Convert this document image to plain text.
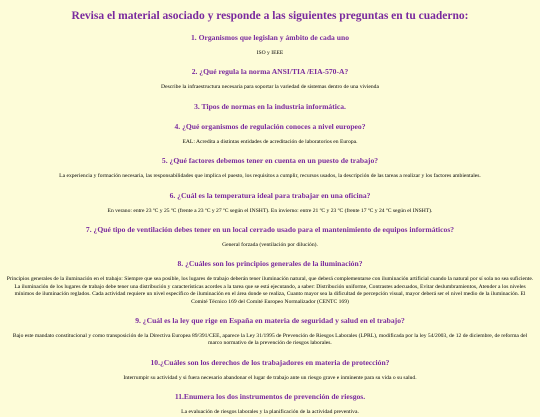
Revisa el material asociado y responde a las siguientes preguntas en tu cuaderno:
1. Organismos que legislan y ámbito de cada uno
ISO y IEEE
2. ¿Qué regula la norma ANSI/TIA /EIA-570-A?
Describe la infraestructura necesaria para soportar la variedad de sistemas dentro de una vivienda
3. Tipos de normas en la industria informática.
4. ¿Qué organismos de regulación conoces a nivel europeo?
EAL: Acredita a distintas entidades de acreditación de laboratorios en Europa.
5. ¿Qué factores debemos tener en cuenta en un puesto de trabajo?
La experiencia y formación necesaria, las responsabilidades que implica el puesto, los requisitos a cumplir, recursos usados, la descripción de las tareas a realizar y los factores ambientales.
6. ¿Cuál es la temperatura ideal para trabajar en una oficina?
En verano: entre 23 ºC y 25 ºC (frente a 23 ºC y 27 ºC según el INSHT). En invierno: entre 21 ºC y 23 ºC (frente 17 ºC y 24 ºC según el INSHT).
7. ¿Qué tipo de ventilación debes tener en un local cerrado usado para el mantenimiento de equipos informáticos?
General forzada (ventilación por dilución).
8. ¿Cuáles son los principios generales de la iluminación?
Principios generales de la iluminación en el trabajo: Siempre que sea posible, los lugares de trabajo deberán tener iluminación natural, que deberá complementarse con iluminación artificial cuando la natural por sí sola no sea suficiente. La iluminación de los lugares de trabajo debe tener una distribución y características acordes a la tarea que se está ejecutando, a saber: Distribución uniforme, Contrastes adecuados, Evitar deslumbramientos, Atender a los niveles mínimos de iluminación reglados. Cada actividad requiere un nivel específico de iluminación en el área donde se realiza, Cuanto mayor sea la dificultad de percepción visual, mayor deberá ser el nivel medio de la iluminación. El Comité Técnico 169 del Comité Europeo Normalizador (CENTC 169)
9. ¿Cuál es la ley que rige en España en materia de seguridad y salud en el trabajo?
Bajo este mandato constitucional y como transposición de la Directiva Europea 89/391/CEE, aparece la Ley 31/1995 de Prevención de Riesgos Laborales (LPRL), modificada por la ley 54/2003, de 12 de diciembre, de reforma del marco normativo de la prevención de riesgos laborales.
10.¿Cuáles son los derechos de los trabajadores en materia de protección?
Interrumpir su actividad y si fuera necesario abandonar el lugar de trabajo ante un riesgo grave e inminente para su vida o su salud.
11.Enumera los dos instrumentos de prevención de riesgos.
La evaluación de riesgos laborales y la planificación de la actividad preventiva.
